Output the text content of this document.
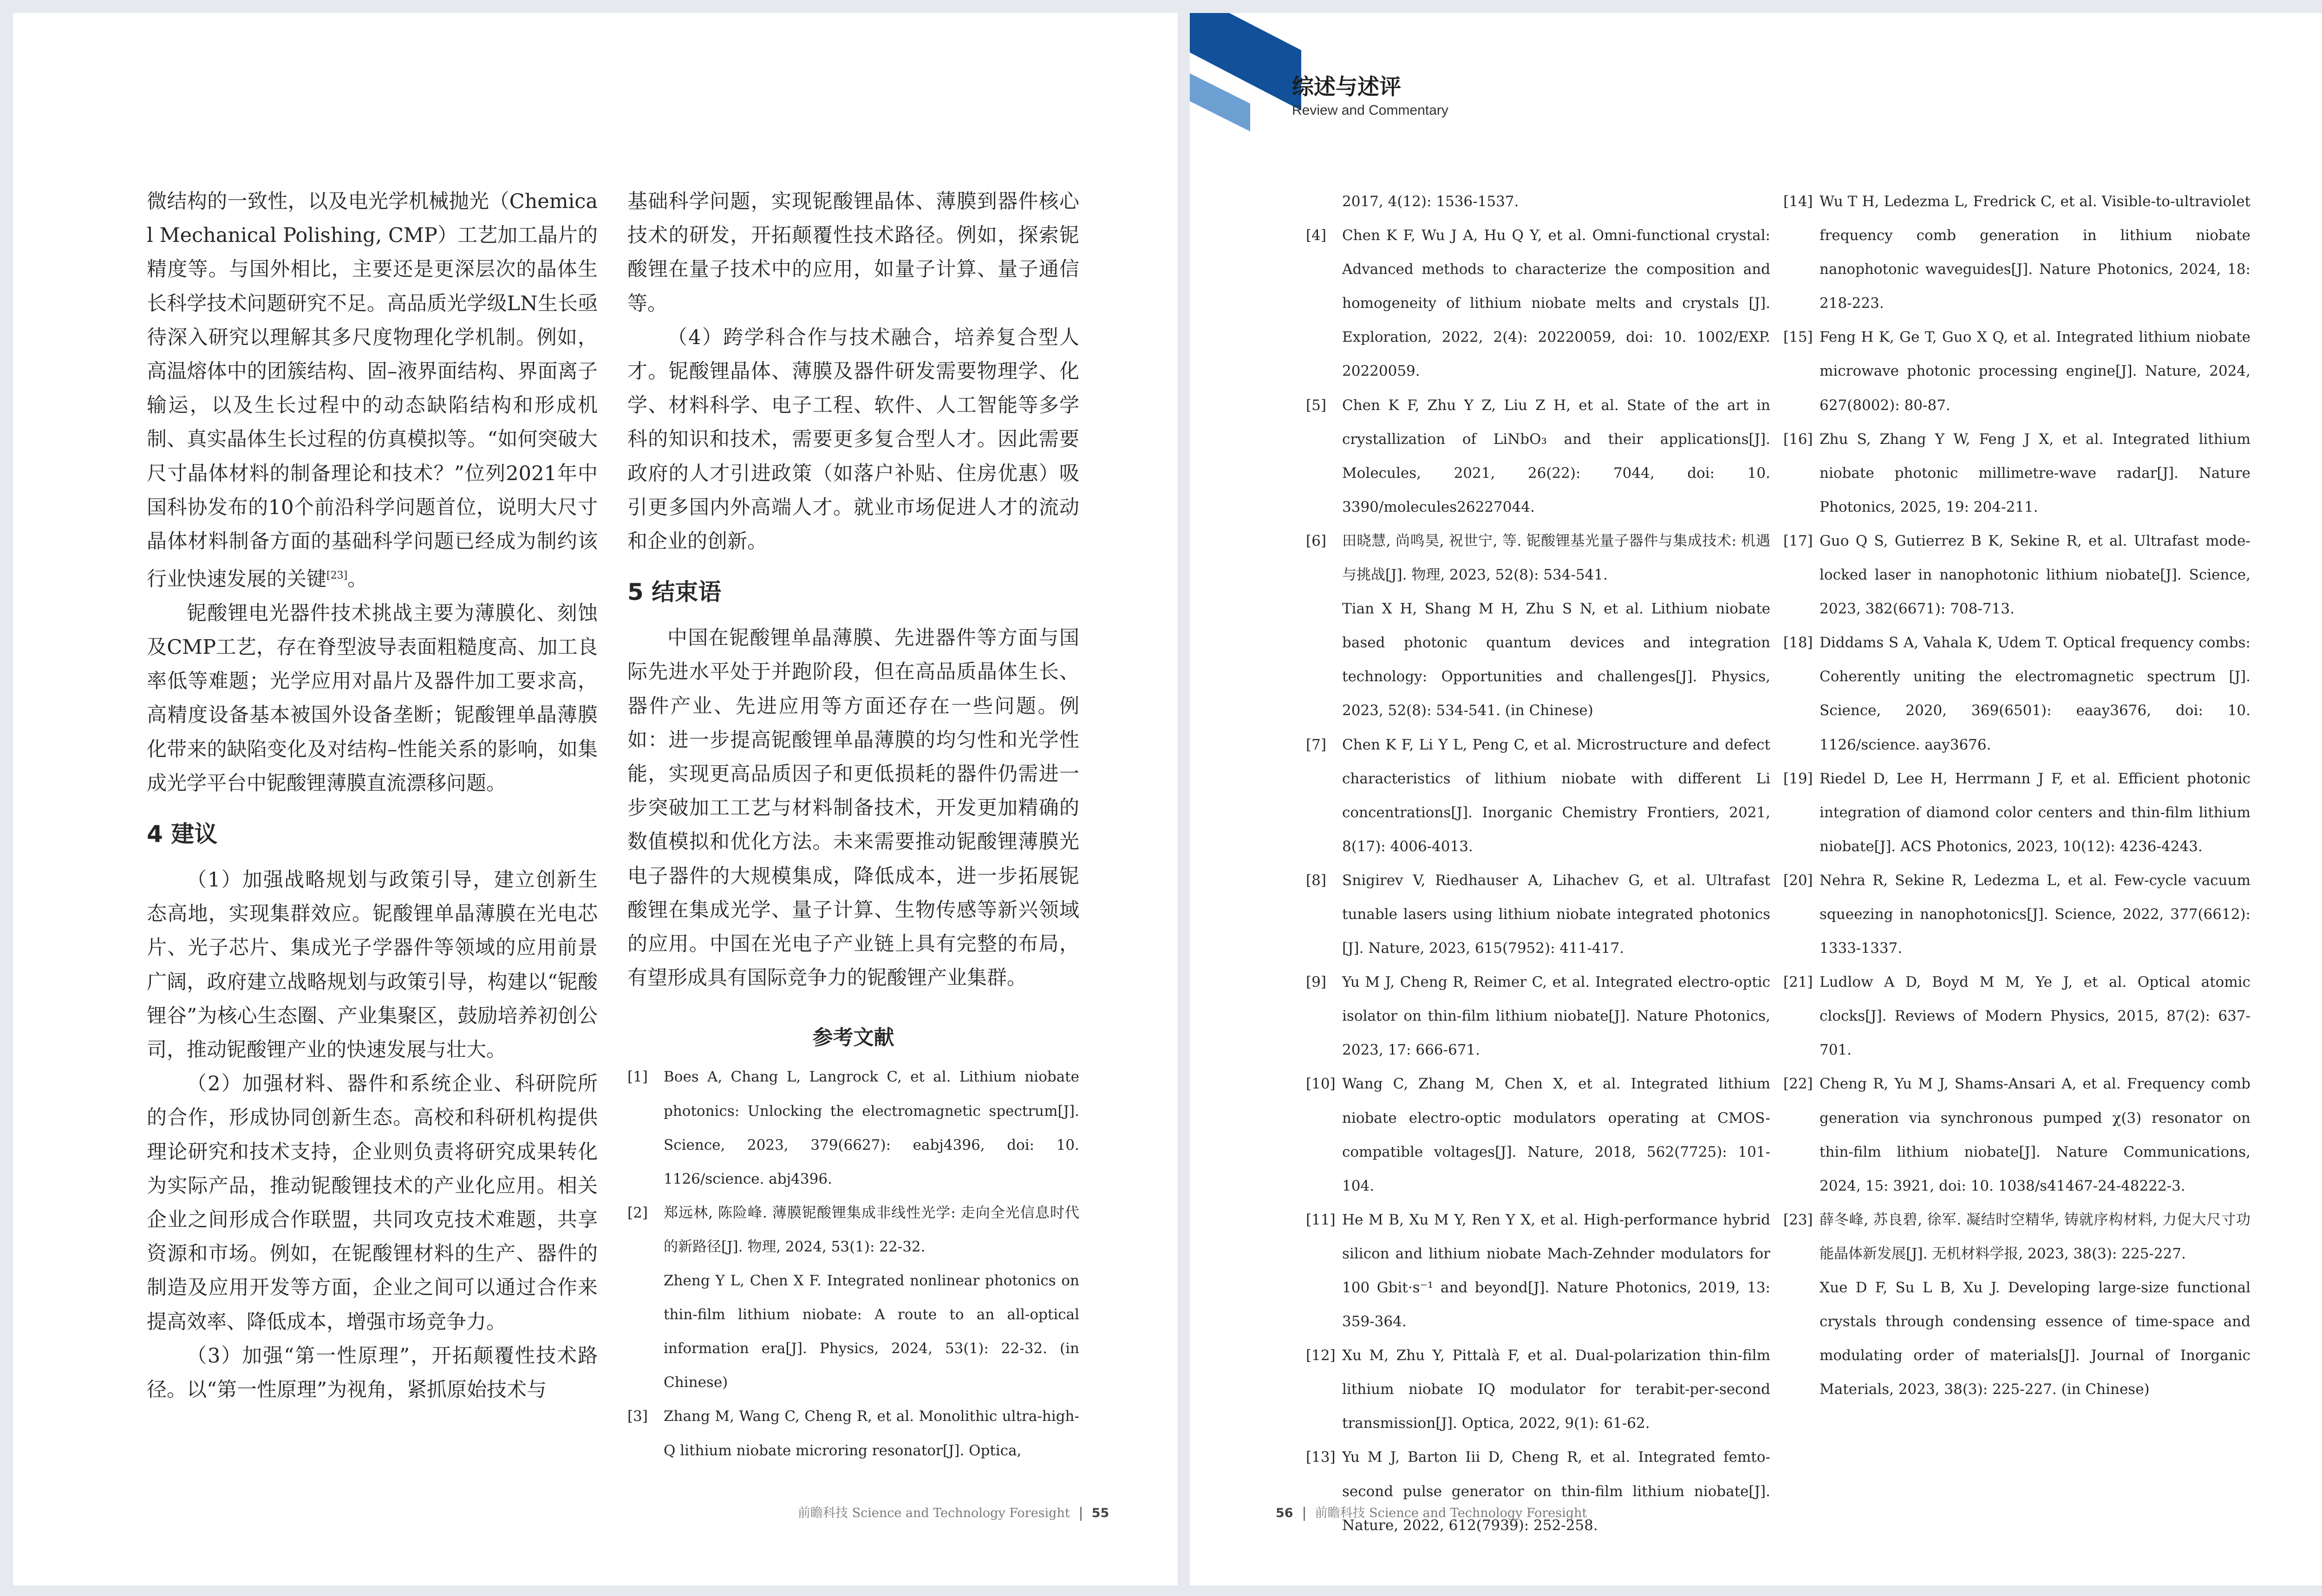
微结构的一致性，以及电光学机械抛光（Chemical Mechanical Polishing, CMP）工艺加工晶片的精度等。与国外相比，主要还是更深层次的晶体生长科学技术问题研究不足。高品质光学级LN生长亟待深入研究以理解其多尺度物理化学机制。例如，高温熔体中的团簇结构、固–液界面结构、界面离子输运，以及生长过程中的动态缺陷结构和形成机制、真实晶体生长过程的仿真模拟等。“如何突破大尺寸晶体材料的制备理论和技术？”位列2021年中国科协发布的10个前沿科学问题首位，说明大尺寸晶体材料制备方面的基础科学问题已经成为制约该行业快速发展的关键[23]。

铌酸锂电光器件技术挑战主要为薄膜化、刻蚀及CMP工艺，存在脊型波导表面粗糙度高、加工良率低等难题；光学应用对晶片及器件加工要求高，高精度设备基本被国外设备垄断；铌酸锂单晶薄膜化带来的缺陷变化及对结构–性能关系的影响，如集成光学平台中铌酸锂薄膜直流漂移问题。

4 建议

（1）加强战略规划与政策引导，建立创新生态高地，实现集群效应。铌酸锂单晶薄膜在光电芯片、光子芯片、集成光子学器件等领域的应用前景广阔，政府建立战略规划与政策引导，构建以“铌酸锂谷”为核心生态圈、产业集聚区，鼓励培养初创公司，推动铌酸锂产业的快速发展与壮大。

（2）加强材料、器件和系统企业、科研院所的合作，形成协同创新生态。高校和科研机构提供理论研究和技术支持，企业则负责将研究成果转化为实际产品，推动铌酸锂技术的产业化应用。相关企业之间形成合作联盟，共同攻克技术难题，共享资源和市场。例如，在铌酸锂材料的生产、器件的制造及应用开发等方面，企业之间可以通过合作来提高效率、降低成本，增强市场竞争力。

（3）加强“第一性原理”，开拓颠覆性技术路径。以“第一性原理”为视角，紧抓原始技术与

基础科学问题，实现铌酸锂晶体、薄膜到器件核心技术的研发，开拓颠覆性技术路径。例如，探索铌酸锂在量子技术中的应用，如量子计算、量子通信等。

（4）跨学科合作与技术融合，培养复合型人才。铌酸锂晶体、薄膜及器件研发需要物理学、化学、材料科学、电子工程、软件、人工智能等多学科的知识和技术，需要更多复合型人才。因此需要政府的人才引进政策（如落户补贴、住房优惠）吸引更多国内外高端人才。就业市场促进人才的流动和企业的创新。

5 结束语

中国在铌酸锂单晶薄膜、先进器件等方面与国际先进水平处于并跑阶段，但在高品质晶体生长、器件产业、先进应用等方面还存在一些问题。例如：进一步提高铌酸锂单晶薄膜的均匀性和光学性能，实现更高品质因子和更低损耗的器件仍需进一步突破加工工艺与材料制备技术，开发更加精确的数值模拟和优化方法。未来需要推动铌酸锂薄膜光电子器件的大规模集成，降低成本，进一步拓展铌酸锂在集成光学、量子计算、生物传感等新兴领域的应用。中国在光电子产业链上具有完整的布局，有望形成具有国际竞争力的铌酸锂产业集群。

参考文献
[1]	Boes A, Chang L, Langrock C, et al. Lithium niobate photonics: Unlocking the electromagnetic spectrum[J]. Science, 2023, 379(6627): eabj4396, doi: 10. 1126/science. abj4396.

[2]	郑远林, 陈险峰. 薄膜铌酸锂集成非线性光学: 走向全光信息时代的新路径[J]. 物理, 2024, 53(1): 22-32.

Zheng Y L, Chen X F. Integrated nonlinear photonics on thin-film lithium niobate: A route to an all-optical information era[J]. Physics, 2024, 53(1): 22-32. (in Chinese)

[3]	Zhang M, Wang C, Cheng R, et al. Monolithic ultra-high-Q lithium niobate microring resonator[J]. Optica,

前瞻科技 Science and Technology Foresight 55
综述与述评
Review and Commentary

2017, 4(12): 1536-1537.

[4]	Chen K F, Wu J A, Hu Q Y, et al. Omni-functional crystal: Advanced methods to characterize the composition and homogeneity of lithium niobate melts and crystals [J]. Exploration, 2022, 2(4): 20220059, doi: 10. 1002/EXP. 20220059.

[5]	Chen K F, Zhu Y Z, Liu Z H, et al. State of the art in crystallization of LiNbO₃ and their applications[J]. Molecules, 2021, 26(22): 7044, doi: 10. 3390/molecules26227044.

[6]	田晓慧, 尚鸣昊, 祝世宁, 等. 铌酸锂基光量子器件与集成技术: 机遇与挑战[J]. 物理, 2023, 52(8): 534-541.

Tian X H, Shang M H, Zhu S N, et al. Lithium niobate based photonic quantum devices and integration technology: Opportunities and challenges[J]. Physics, 2023, 52(8): 534-541. (in Chinese)

[7]	Chen K F, Li Y L, Peng C, et al. Microstructure and defect characteristics of lithium niobate with different Li concentrations[J]. Inorganic Chemistry Frontiers, 2021, 8(17): 4006-4013.

[8]	Snigirev V, Riedhauser A, Lihachev G, et al. Ultrafast tunable lasers using lithium niobate integrated photonics [J]. Nature, 2023, 615(7952): 411-417.

[9]	Yu M J, Cheng R, Reimer C, et al. Integrated electro-optic isolator on thin-film lithium niobate[J]. Nature Photonics, 2023, 17: 666-671.

[10] Wang C, Zhang M, Chen X, et al. Integrated lithium niobate electro-optic modulators operating at CMOS-compatible voltages[J]. Nature, 2018, 562(7725): 101-104.

[11] He M B, Xu M Y, Ren Y X, et al. High-performance hybrid silicon and lithium niobate Mach-Zehnder modulators for 100 Gbit·s⁻¹ and beyond[J]. Nature Photonics, 2019, 13: 359-364.

[12] Xu M, Zhu Y, Pittalà F, et al. Dual-polarization thin-film lithium niobate IQ modulator for terabit-per-second transmission[J]. Optica, 2022, 9(1): 61-62.

[13] Yu M J, Barton Iii D, Cheng R, et al. Integrated femto-second pulse generator on thin-film lithium niobate[J]. Nature, 2022, 612(7939): 252-258.

[14] Wu T H, Ledezma L, Fredrick C, et al. Visible-to-ultraviolet frequency comb generation in lithium niobate nanophotonic waveguides[J]. Nature Photonics, 2024, 18: 218-223.

[15] Feng H K, Ge T, Guo X Q, et al. Integrated lithium niobate microwave photonic processing engine[J]. Nature, 2024, 627(8002): 80-87.

[16] Zhu S, Zhang Y W, Feng J X, et al. Integrated lithium niobate photonic millimetre-wave radar[J]. Nature Photonics, 2025, 19: 204-211.

[17] Guo Q S, Gutierrez B K, Sekine R, et al. Ultrafast mode-locked laser in nanophotonic lithium niobate[J]. Science, 2023, 382(6671): 708-713.

[18] Diddams S A, Vahala K, Udem T. Optical frequency combs: Coherently uniting the electromagnetic spectrum [J]. Science, 2020, 369(6501): eaay3676, doi: 10. 1126/science. aay3676.

[19] Riedel D, Lee H, Herrmann J F, et al. Efficient photonic integration of diamond color centers and thin-film lithium niobate[J]. ACS Photonics, 2023, 10(12): 4236-4243.

[20] Nehra R, Sekine R, Ledezma L, et al. Few-cycle vacuum squeezing in nanophotonics[J]. Science, 2022, 377(6612): 1333-1337.

[21] Ludlow A D, Boyd M M, Ye J, et al. Optical atomic clocks[J]. Reviews of Modern Physics, 2015, 87(2): 637-701.

[22] Cheng R, Yu M J, Shams-Ansari A, et al. Frequency comb generation via synchronous pumped χ(3) resonator on thin-film lithium niobate[J]. Nature Communications, 2024, 15: 3921, doi: 10. 1038/s41467-24-48222-3.

[23] 薛冬峰, 苏良碧, 徐军. 凝结时空精华, 铸就序构材料, 力促大尺寸功能晶体新发展[J]. 无机材料学报, 2023, 38(3): 225-227.

Xue D F, Su L B, Xu J. Developing large-size functional crystals through condensing essence of time-space and modulating order of materials[J]. Journal of Inorganic Materials, 2023, 38(3): 225-227. (in Chinese)

56 前瞻科技 Science and Technology Foresight
